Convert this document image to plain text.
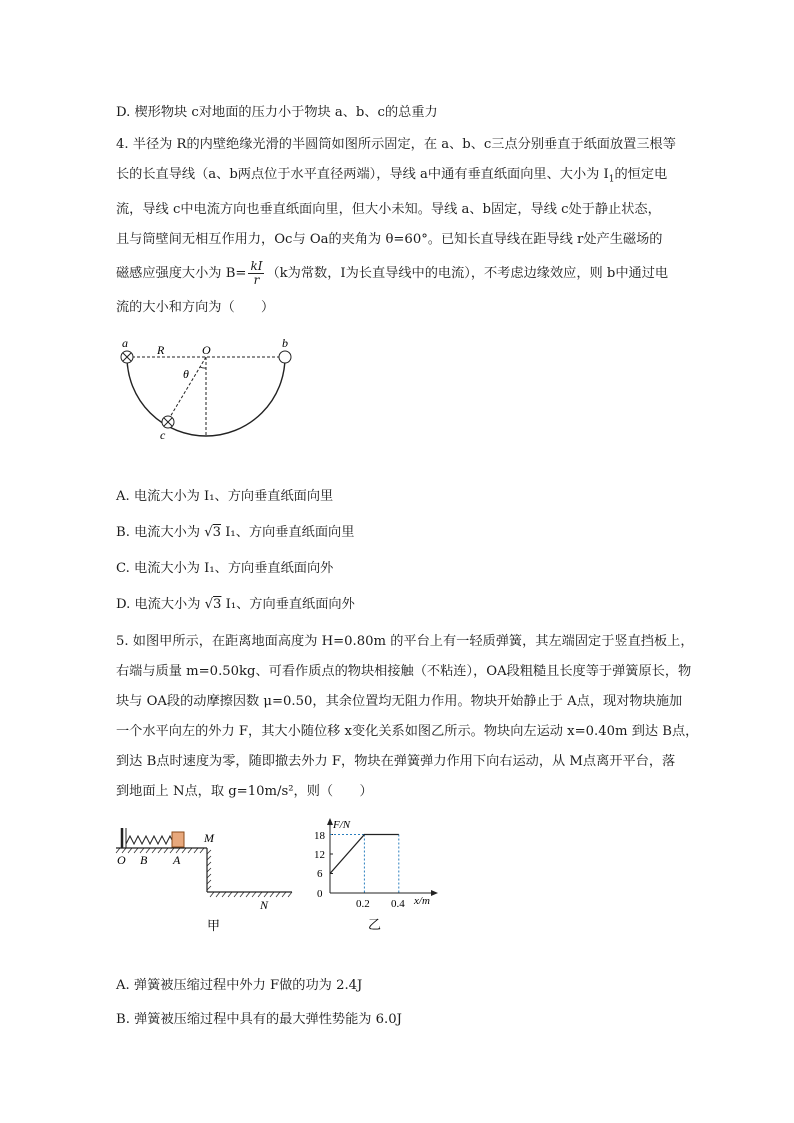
D. 楔形物块 c对地面的压力小于物块 a、b、c的总重力
4. 半径为 R的内壁绝缘光滑的半圆筒如图所示固定，在 a、b、c三点分别垂直于纸面放置三根等
长的长直导线（a、b两点位于水平直径两端），导线 a中通有垂直纸面向里、大小为 $I_1$的恒定电
流，导线 c中电流方向也垂直纸面向里，但大小未知。导线 a、b固定，导线 c处于静止状态，
且与筒壁间无相互作用力，Oc与 Oa的夹角为 θ=60°。已知长直导线在距导线 r处产生磁场的
磁感应强度大小为 $B= \frac{kI}{r} (k$为常数，I为长直导线中的电流），不考虑边缘效应，则 b中通过电
流的大小和方向为（　　）
a	b
R	O
θ
c
A. 电流大小为 I₁、方向垂直纸面向里
B. 电流大小为 √3 I₁、方向垂直纸面向里
C. 电流大小为 I₁、方向垂直纸面向外
D. 电流大小为 √3 I₁、方向垂直纸面向外
5. 如图甲所示，在距离地面高度为 H=0.80m 的平台上有一轻质弹簧，其左端固定于竖直挡板上，
右端与质量 m=0.50kg、可看作质点的物块相接触（不粘连），OA段粗糙且长度等于弹簧原长，物
块与 OA段的动摩擦因数 μ=0.50，其余位置均无阻力作用。物块开始静止于 A点，现对物块施加
一个水平向左的外力 F，其大小随位移 x变化关系如图乙所示。物块向左运动 x=0.40m 到达 B点，
到达 B点时速度为零，随即撤去外力 F，物块在弹簧弹力作用下向右运动，从 M点离开平台，落
到地面上 N点，取 g=10m/s²，则（　　）
O B A
M
N
甲
F/N
x/m
18
12
6
0
0.2 0.4
乙
A. 弹簧被压缩过程中外力 F做的功为 2.4J
B. 弹簧被压缩过程中具有的最大弹性势能为 6.0J
